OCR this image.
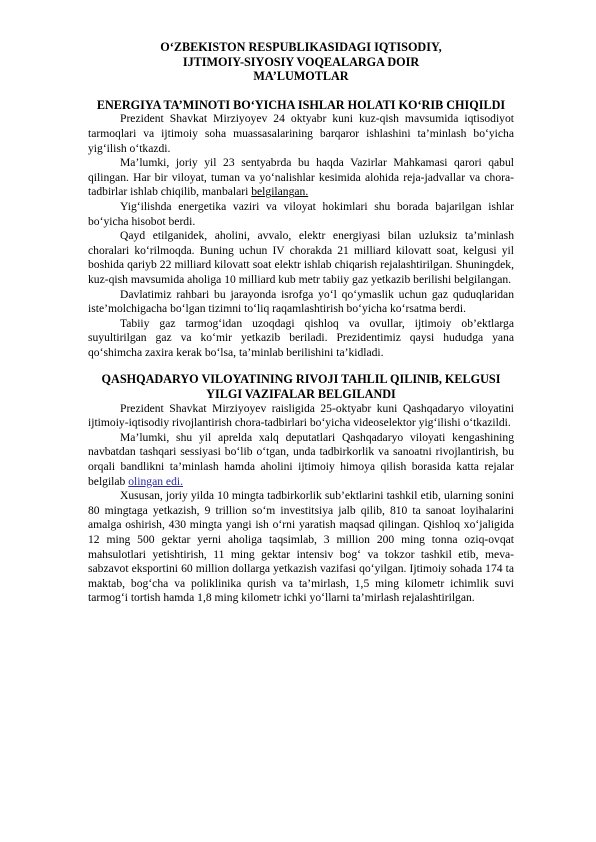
O‘ZBEKISTON RESPUBLIKASIDAGI IQTISODIY,
IJTIMOIY-SIYOSIY VOQEALARGA DOIR
MA’LUMOTLAR
ENERGIYA TA’MINOTI BO‘YICHA ISHLAR HOLATI KO‘RIB CHIQILDI

Prezident Shavkat Mirziyoyev 24 oktyabr kuni kuz-qish mavsumida iqtisodiyot tarmoqlari va ijtimoiy soha muassasalarining barqaror ishlashini ta’minlash bo‘yicha yig‘ilish o‘tkazdi.

Ma’lumki, joriy yil 23 sentyabrda bu haqda Vazirlar Mahkamasi qarori qabul qilingan. Har bir viloyat, tuman va yo‘nalishlar kesimida alohida reja-jadvallar va chora-tadbirlar ishlab chiqilib, manbalari belgilangan.

Yig‘ilishda energetika vaziri va viloyat hokimlari shu borada bajarilgan ishlar bo‘yicha hisobot berdi.

Qayd etilganidek, aholini, avvalo, elektr energiyasi bilan uzluksiz ta’minlash choralari ko‘rilmoqda. Buning uchun IV chorakda 21 milliard kilovatt soat, kelgusi yil boshida qariyb 22 milliard kilovatt soat elektr ishlab chiqarish rejalashtirilgan. Shuningdek, kuz-qish mavsumida aholiga 10 milliard kub metr tabiiy gaz yetkazib berilishi belgilangan.

Davlatimiz rahbari bu jarayonda isrofga yo‘l qo‘ymaslik uchun gaz quduqlaridan iste’molchigacha bo‘lgan tizimni to‘liq raqamlashtirish bo‘yicha ko‘rsatma berdi.

Tabiiy gaz tarmog‘idan uzoqdagi qishloq va ovullar, ijtimoiy ob’ektlarga suyultirilgan gaz va ko‘mir yetkazib beriladi. Prezidentimiz qaysi hududga yana qo‘shimcha zaxira kerak bo‘lsa, ta’minlab berilishini ta’kidladi.

QASHQADARYO VILOYATINING RIVOJI TAHLIL QILINIB, KELGUSI YILGI VAZIFALAR BELGILANDI

Prezident Shavkat Mirziyoyev raisligida 25-oktyabr kuni Qashqadaryo viloyatini ijtimoiy-iqtisodiy rivojlantirish chora-tadbirlari bo‘yicha videoselektor yig‘ilishi o‘tkazildi.

Ma’lumki, shu yil aprelda xalq deputatlari Qashqadaryo viloyati kengashining navbatdan tashqari sessiyasi bo‘lib o‘tgan, unda tadbirkorlik va sanoatni rivojlantirish, bu orqali bandlikni ta’minlash hamda aholini ijtimoiy himoya qilish borasida katta rejalar belgilab olingan edi.

Xususan, joriy yilda 10 mingta tadbirkorlik sub’ektlarini tashkil etib, ularning sonini 80 mingtaga yetkazish, 9 trillion so‘m investitsiya jalb qilib, 810 ta sanoat loyihalarini amalga oshirish, 430 mingta yangi ish o‘rni yaratish maqsad qilingan. Qishloq xo‘jaligida 12 ming 500 gektar yerni aholiga taqsimlab, 3 million 200 ming tonna oziq-ovqat mahsulotlari yetishtirish, 11 ming gektar intensiv bog‘ va tokzor tashkil etib, meva-sabzavot eksportini 60 million dollarga yetkazish vazifasi qo‘yilgan. Ijtimoiy sohada 174 ta maktab, bog‘cha va poliklinika qurish va ta’mirlash, 1,5 ming kilometr ichimlik suvi tarmog‘i tortish hamda 1,8 ming kilometr ichki yo‘llarni ta’mirlash rejalashtirilgan.
